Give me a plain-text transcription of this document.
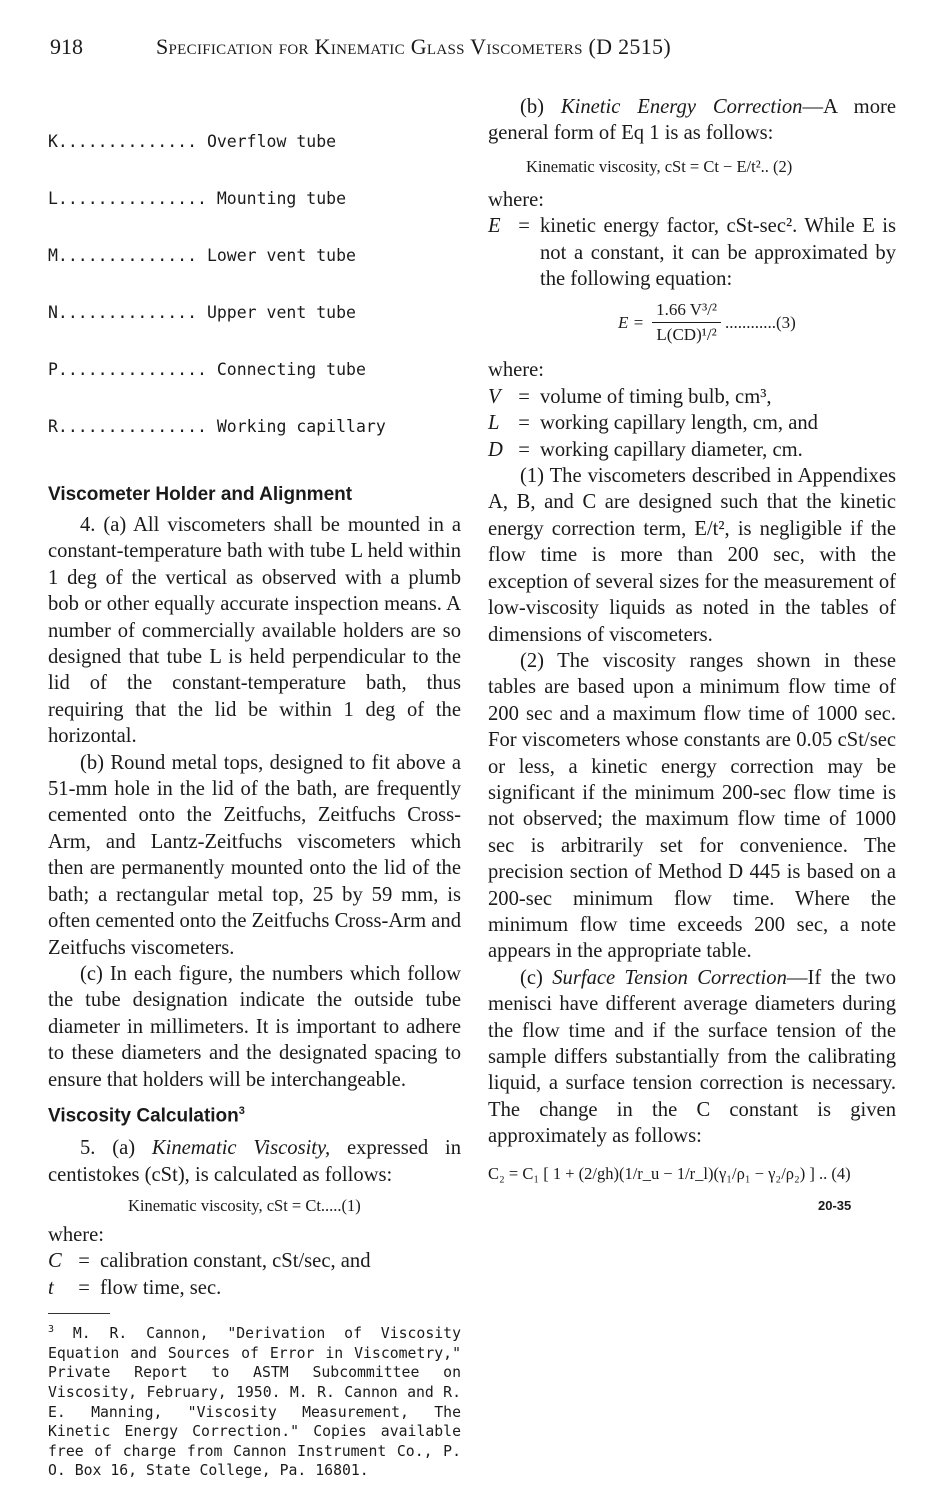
918	Specification for Kinematic Glass Viscometers (D 2515)

K.............. Overflow tube

L............... Mounting tube

M.............. Lower vent tube

N.............. Upper vent tube

P............... Connecting tube

R............... Working capillary

Viscometer Holder and Alignment

4. (a) All viscometers shall be mounted in a constant-temperature bath with tube L held within 1 deg of the vertical as observed with a plumb bob or other equally accurate inspection means. A number of commercially available holders are so designed that tube L is held perpendicular to the lid of the constant-temperature bath, thus requiring that the lid be within 1 deg of the horizontal.

(b) Round metal tops, designed to fit above a 51-mm hole in the lid of the bath, are frequently cemented onto the Zeitfuchs, Zeitfuchs Cross-Arm, and Lantz-Zeitfuchs viscometers which then are permanently mounted onto the lid of the bath; a rectangular metal top, 25 by 59 mm, is often cemented onto the Zeitfuchs Cross-Arm and Zeitfuchs viscometers.

(c) In each figure, the numbers which follow the tube designation indicate the outside tube diameter in millimeters. It is important to adhere to these diameters and the designated spacing to ensure that holders will be interchangeable.

Viscosity Calculation$^3$

5. (a) Kinematic Viscosity, expressed in centistokes (cSt), is calculated as follows:

Kinematic viscosity, cSt = Ct.....(1)
where:
C = calibration constant, cSt/sec, and
t	= flow time, sec.

$^3$ M. R. Cannon, "Derivation of Viscosity Equation and Sources of Error in Viscometry," Private Report to ASTM Subcommittee on Viscosity, February, 1950. M. R. Cannon and R. E. Manning, "Viscosity Measurement, The Kinetic Energy Correction." Copies available free of charge from Cannon Instrument Co., P. O. Box 16, State College, Pa. 16801.

(b) Kinetic Energy Correction—A more general form of Eq 1 is as follows:

Kinematic viscosity, cSt = Ct − E/t².. (2)
where:
E = kinetic energy factor, cSt-sec². While E is not a constant, it can be approximated by the following equation:
$E = \frac{\text{1.66 V³/²}}{\text{L(CD)¹/²}} ............(3)$
where:
V = volume of timing bulb, cm³,
L = working capillary length, cm, and
D = working capillary diameter, cm.

(1) The viscometers described in Appendixes A, B, and C are designed such that the kinetic energy correction term, E/t², is negligible if the flow time is more than 200 sec, with the exception of several sizes for the measurement of low-viscosity liquids as noted in the tables of dimensions of viscometers.

(2) The viscosity ranges shown in these tables are based upon a minimum flow time of 200 sec and a maximum flow time of 1000 sec. For viscometers whose constants are 0.05 cSt/sec or less, a kinetic energy correction may be significant if the minimum 200-sec flow time is not observed; the maximum flow time of 1000 sec is arbitrarily set for convenience. The precision section of Method D 445 is based on a 200-sec minimum flow time. Where the minimum flow time exceeds 200 sec, a note appears in the appropriate table.

(c) Surface Tension Correction—If the two menisci have different average diameters during the flow time and if the surface tension of the sample differs substantially from the calibrating liquid, a surface tension correction is necessary. The change in the C constant is given approximately as follows:

C₂ = C₁ [ 1 + (2/gh)(1/r_u − 1/r_l)(γ₁/ρ₁ − γ₂/ρ₂) ] .. (4)
20-35
